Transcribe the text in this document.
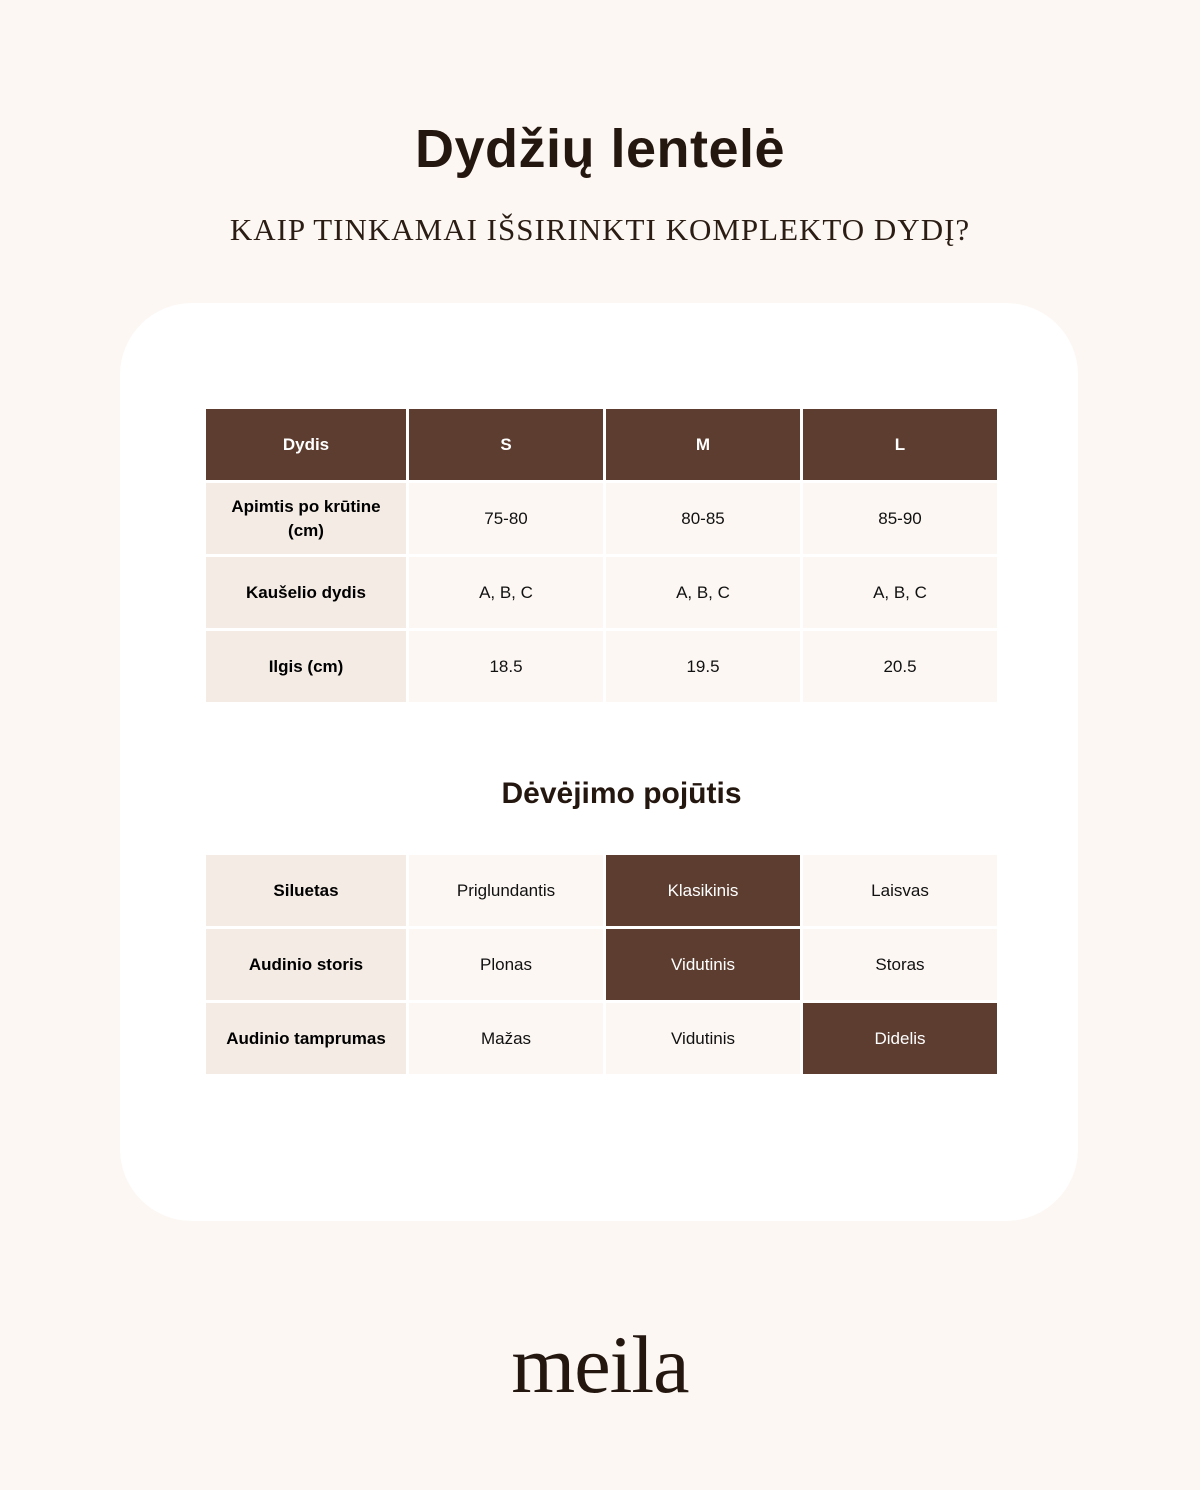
Dydžių lentelė

KAIP TINKAMAI IŠSIRINKTI KOMPLEKTO DYDĮ?

Dydis	S	M	L
Apimtis po krūtine (cm)	75-80	80-85	85-90
Kaušelio dydis	A, B, C	A, B, C	A, B, C
Ilgis (cm)	18.5	19.5	20.5
Dėvėjimo pojūtis
Siluetas	Priglundantis	Klasikinis	Laisvas
Audinio storis	Plonas	Vidutinis	Storas
Audinio tamprumas	Mažas	Vidutinis	Didelis
meila
